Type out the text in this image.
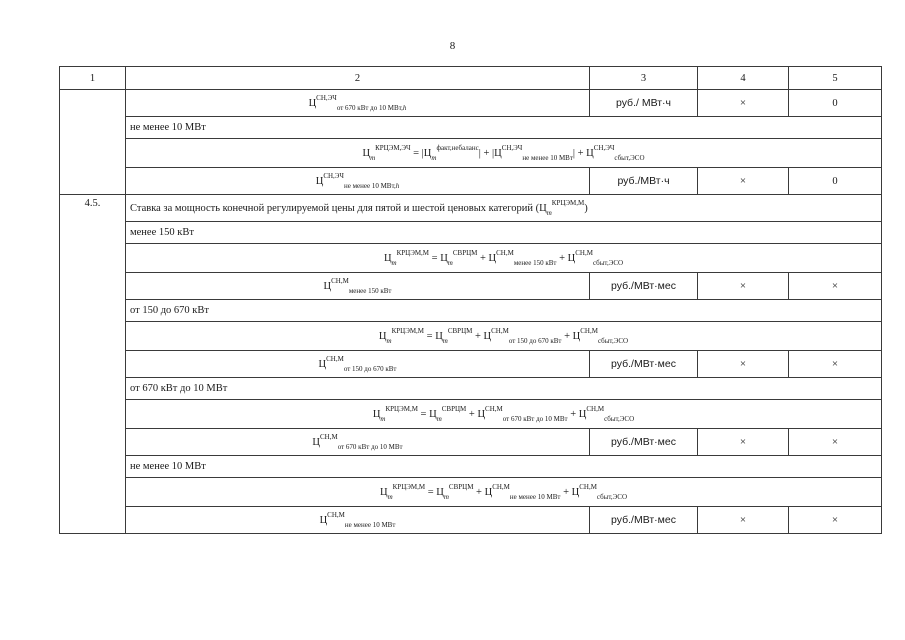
8
1	2	3	4	5
	$Ц^{СН,ЭЧ}_{от 670 кВт до 10 МВт,h}$	руб./ МВт·ч	×	0
	не менее 10 МВт			
	$Ц_m^{КРЦЭМ,ЭЧ} = |Ц_m^{факт,небаланс}| + |Ц^{СН,ЭЧ}_{не менее 10 МВт}| + Ц^{СН,ЭЧ}_{сбыт,ЭСО}$
	$Ц^{СН,ЭЧ}_{не менее 10 МВт,h}$	руб./МВт·ч	×	0
4.5.	Ставка за мощность конечной регулируемой цены для пятой и шестой ценовых категорий $(Ц_m^{КРЦЭМ,М})$			
	менее 150 кВт			
	$Ц_m^{КРЦЭМ,М} = Ц_m^{СВРЦМ} + Ц^{СН,М}_{менее 150 кВт} + Ц^{СН,М}_{сбыт,ЭСО}$
	$Ц^{СН,М}_{менее 150 кВт}$	руб./МВт·мес	×	×
	от 150 до 670 кВт			
	$Ц_m^{КРЦЭМ,М} = Ц_m^{СВРЦМ} + Ц^{СН,М}_{от 150 до 670 кВт} + Ц^{СН,М}_{сбыт,ЭСО}$
	$Ц^{СН,М}_{от 150 до 670 кВт}$	руб./МВт·мес	×	×
	от 670 кВт до 10 МВт			
	$Ц_m^{КРЦЭМ,М} = Ц_m^{СВРЦМ} + Ц^{СН,М}_{от 670 кВт до 10 МВт} + Ц^{СН,М}_{сбыт,ЭСО}$
	$Ц^{СН,М}_{от 670 кВт до 10 МВт}$	руб./МВт·мес	×	×
	не менее 10 МВт			
	$Ц_m^{КРЦЭМ,М} = Ц_m^{СВРЦМ} + Ц^{СН,М}_{не менее 10 МВт} + Ц^{СН,М}_{сбыт,ЭСО}$
	$Ц^{СН,М}_{не менее 10 МВт}$	руб./МВт·мес	×	×
